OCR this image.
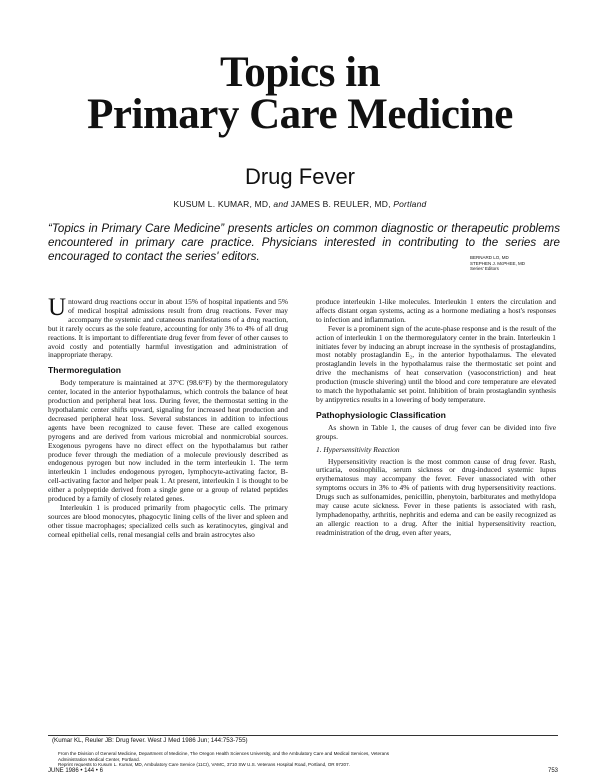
Topics in
Primary Care Medicine
Drug Fever
KUSUM L. KUMAR, MD, and JAMES B. REULER, MD, Portland
“Topics in Primary Care Medicine” presents articles on common diagnostic or therapeutic problems encountered in primary care practice. Physicians interested in contributing to the series are encouraged to contact the series' editors.	BERNARD LO, MD
STEPHEN J. McPHEE, MD
Series' Editors

Untoward drug reactions occur in about 15% of hospital inpatients and 5% of medical hospital admissions result from drug reactions. Fever may accompany the systemic and cutaneous manifestations of a drug reaction, but it rarely occurs as the sole feature, accounting for only 3% to 4% of all drug reactions. It is important to differentiate drug fever from fever of other causes to avoid costly and potentially harmful investigation and administration of inappropriate therapy.

Thermoregulation

Body temperature is maintained at 37°C (98.6°F) by the thermoregulatory center, located in the anterior hypothalamus, which controls the balance of heat production and peripheral heat loss. During fever, the thermostat setting in the hypothalamic center shifts upward, signaling for increased heat production and decreased peripheral heat loss. Several substances in addition to infectious agents have been recognized to cause fever. These are called exogenous pyrogens and are derived from various microbial and nonmicrobial sources. Exogenous pyrogens have no direct effect on the hypothalamus but rather produce fever through the mediation of a molecule previously described as endogenous pyrogen but now included in the term interleukin 1. The term interleukin 1 includes endogenous pyrogen, lymphocyte-activating factor, B-cell-activating factor and helper peak 1. At present, interleukin 1 is thought to be either a polypeptide derived from a single gene or a group of related peptides produced by a family of closely related genes.

Interleukin 1 is produced primarily from phagocytic cells. The primary sources are blood monocytes, phagocytic lining cells of the liver and spleen and other tissue macrophages; specialized cells such as keratinocytes, gingival and corneal epithelial cells, renal mesangial cells and brain astrocytes also

produce interleukin 1-like molecules. Interleukin 1 enters the circulation and affects distant organ systems, acting as a hormone mediating a host's responses to infection and inflammation.

Fever is a prominent sign of the acute-phase response and is the result of the action of interleukin 1 on the thermoregulatory center in the brain. Interleukin 1 initiates fever by inducing an abrupt increase in the synthesis of prostaglandins, most notably prostaglandin E₂, in the anterior hypothalamus. The elevated prostaglandin levels in the hypothalamus raise the thermostatic set point and drive the mechanisms of heat conservation (vasoconstriction) and heat production (muscle shivering) until the blood and core temperature are elevated to match the hypothalamic set point. Inhibition of brain prostaglandin synthesis by antipyretics results in a lowering of body temperature.

Pathophysiologic Classification

As shown in Table 1, the causes of drug fever can be divided into five groups.

1. Hypersensitivity Reaction

Hypersensitivity reaction is the most common cause of drug fever. Rash, urticaria, eosinophilia, serum sickness or drug-induced systemic lupus erythematosus may accompany the fever. Fever unassociated with other symptoms occurs in 3% to 4% of patients with drug hypersensitivity reactions. Drugs such as sulfonamides, penicillin, phenytoin, barbiturates and methyldopa may cause acute sickness. Fever in these patients is associated with rash, lymphadenopathy, arthritis, nephritis and edema and can be easily recognized as an allergic reaction to a drug. After the initial hypersensitivity reaction, readministration of the drug, even after years,

(Kumar KL, Reuler JB: Drug fever. West J Med 1986 Jun; 144:753-755)
From the Division of General Medicine, Department of Medicine, The Oregon Health Sciences University, and the Ambulatory Care and Medical Services, Veterans
Administration Medical Center, Portland.
Reprint requests to Kusum L. Kumar, MD, Ambulatory Care Service (11CI), VAMC, 3710 SW U.S. Veterans Hospital Road, Portland, OR 97207.
JUNE 1986 • 144 • 6	753
